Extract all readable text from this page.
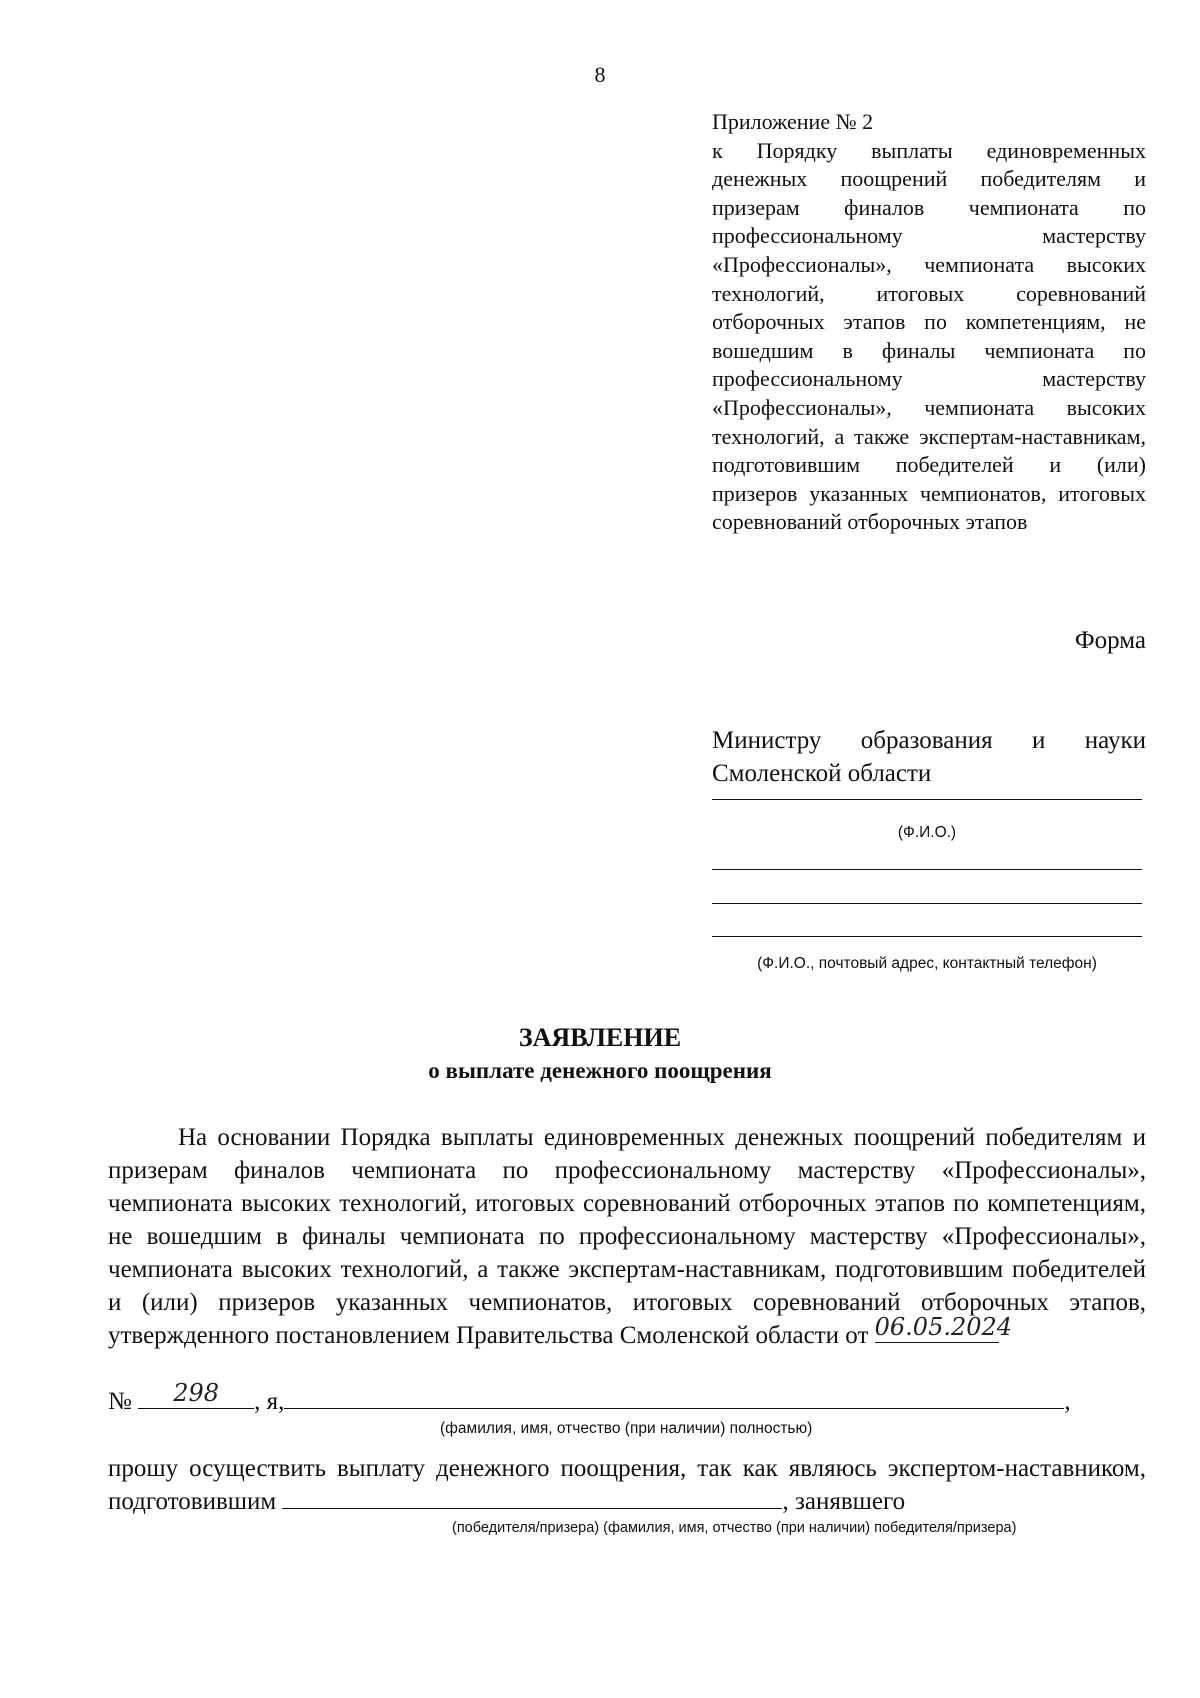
8
Приложение № 2
к Порядку выплаты единовременных денежных поощрений победителям и призерам финалов чемпионата по профессиональному мастерству «Профессионалы», чемпионата высоких технологий, итоговых соревнований отборочных этапов по компетенциям, не вошедшим в финалы чемпионата по профессиональному мастерству «Профессионалы», чемпионата высоких технологий, а также экспертам-наставникам, подготовившим победителей и (или) призеров указанных чемпионатов, итоговых соревнований отборочных этапов
Форма
Министру образования и науки Смоленской области
(Ф.И.О.)
(Ф.И.О., почтовый адрес, контактный телефон)
ЗАЯВЛЕНИЕ
о выплате денежного поощрения
На основании Порядка выплаты единовременных денежных поощрений победителям и призерам финалов чемпионата по профессиональному мастерству «Профессионалы», чемпионата высоких технологий, итоговых соревнований отборочных этапов по компетенциям, не вошедшим в финалы чемпионата по профессиональному мастерству «Профессионалы», чемпионата высоких технологий, а также экспертам-наставникам, подготовившим победителей и (или) призеров указанных чемпионатов, итоговых соревнований отборочных этапов, утвержденного постановлением Правительства Смоленской области от 06.05.2024
№	298	, я,	,
(фамилия, имя, отчество (при наличии) полностью)
прошу осуществить выплату денежного поощрения, так как являюсь экспертом-наставником, подготовившим	, занявшего
(победителя/призера) (фамилия, имя, отчество (при наличии) победителя/призера)
